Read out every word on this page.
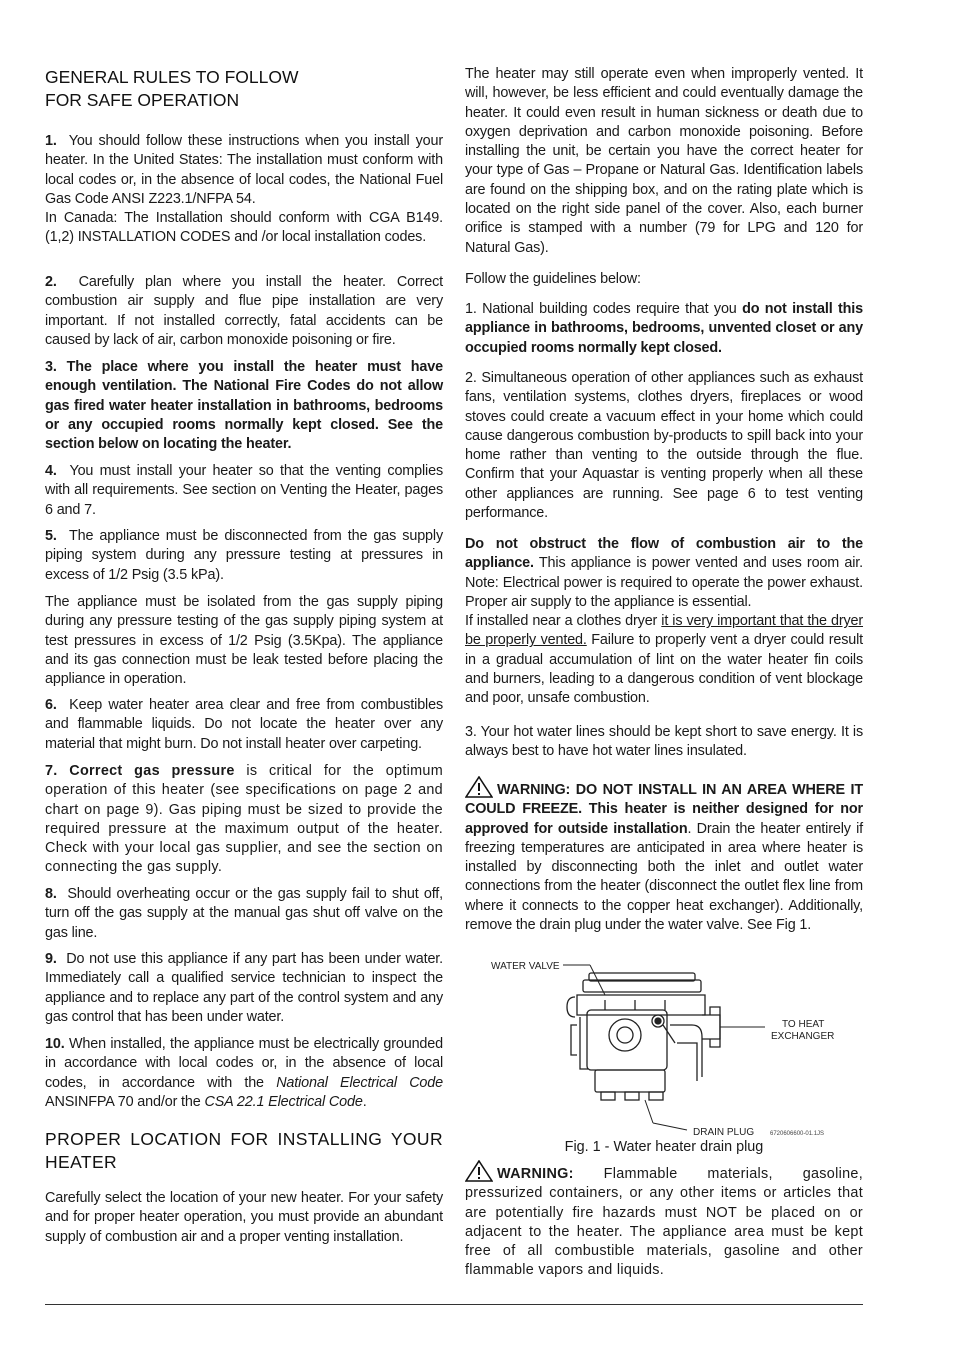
GENERAL RULES TO FOLLOW
FOR SAFE OPERATION

1. You should follow these instructions when you install your heater. In the United States: The installation must conform with local codes or, in the absence of local codes, the National Fuel Gas Code ANSI Z223.1/NFPA 54.
In Canada: The Installation should conform with CGA B149.(1,2) INSTALLATION CODES and /or local installation codes.

2. Carefully plan where you install the heater. Correct combustion air supply and flue pipe installation are very important. If not installed correctly, fatal accidents can be caused by lack of air, carbon monoxide poisoning or fire.

3. The place where you install the heater must have enough ventilation. The National Fire Codes do not allow gas fired water heater installation in bathrooms, bedrooms or any occupied rooms normally kept closed. See the section below on locating the heater.

4. You must install your heater so that the venting complies with all requirements. See section on Venting the Heater, pages 6 and 7.

5. The appliance must be disconnected from the gas supply piping system during any pressure testing at pressures in excess of 1/2 Psig (3.5 kPa).

The appliance must be isolated from the gas supply piping during any pressure testing of the gas supply piping system at test pressures in excess of 1/2 Psig (3.5Kpa). The appliance and its gas connection must be leak tested before placing the appliance in operation.

6. Keep water heater area clear and free from combustibles and flammable liquids. Do not locate the heater over any material that might burn. Do not install heater over carpeting.

7. Correct gas pressure is critical for the optimum operation of this heater (see specifications on page 2 and chart on page 9). Gas piping must be sized to provide the required pressure at the maximum output of the heater. Check with your local gas supplier, and see the section on connecting the gas supply.

8. Should overheating occur or the gas supply fail to shut off, turn off the gas supply at the manual gas shut off valve on the gas line.

9. Do not use this appliance if any part has been under water. Immediately call a qualified service technician to inspect the appliance and to replace any part of the control system and any gas control that has been under water.

10. When installed, the appliance must be electrically grounded in accordance with local codes or, in the absence of local codes, in accordance with the National Electrical Code ANSINFPA 70 and/or the CSA 22.1 Electrical Code.

PROPER LOCATION FOR INSTALLING YOUR HEATER

Carefully select the location of your new heater. For your safety and for proper heater operation, you must provide an abundant supply of combustion air and a proper venting installation.

The heater may still operate even when improperly vented. It will, however, be less efficient and could eventually damage the heater. It could even result in human sickness or death due to oxygen deprivation and carbon monoxide poisoning. Before installing the unit, be certain you have the correct heater for your type of Gas – Propane or Natural Gas. Identification labels are found on the shipping box, and on the rating plate which is located on the right side panel of the cover. Also, each burner orifice is stamped with a number (79 for LPG and 120 for Natural Gas).

Follow the guidelines below:

1. National building codes require that you do not install this appliance in bathrooms, bedrooms, unvented closet or any occupied rooms normally kept closed.

2. Simultaneous operation of other appliances such as exhaust fans, ventilation systems, clothes dryers, fireplaces or wood stoves could create a vacuum effect in your home which could cause dangerous combustion by-products to spill back into your home rather than venting to the outside through the flue. Confirm that your Aquastar is venting properly when all these other appliances are running. See page 6 to test venting performance.

Do not obstruct the flow of combustion air to the appliance. This appliance is power vented and uses room air. Note: Electrical power is required to operate the power exhaust. Proper air supply to the appliance is essential.
If installed near a clothes dryer it is very important that the dryer be properly vented. Failure to properly vent a dryer could result in a gradual accumulation of lint on the water heater fin coils and burners, leading to a dangerous condition of vent blockage and poor, unsafe combustion.

3. Your hot water lines should be kept short to save energy. It is always best to have hot water lines insulated.

WARNING: DO NOT INSTALL IN AN AREA WHERE IT COULD FREEZE. This heater is neither designed for nor approved for outside installation. Drain the heater entirely if freezing temperatures are anticipated in area where heater is installed by disconnecting both the inlet and outlet water connections from the heater (disconnect the outlet flex line from where it connects to the copper heat exchanger). Additionally, remove the drain plug under the water valve. See Fig 1.

WARNING: Flammable materials, gasoline, pressurized containers, or any other items or articles that are potentially fire hazards must NOT be placed on or adjacent to the heater. The appliance area must be kept free of all combustible materials, gasoline and other flammable vapors and liquids.

WATER VALVE
TO HEAT
EXCHANGER
DRAIN PLUG	6720606600-01.1JS
Fig. 1 - Water heater drain plug
